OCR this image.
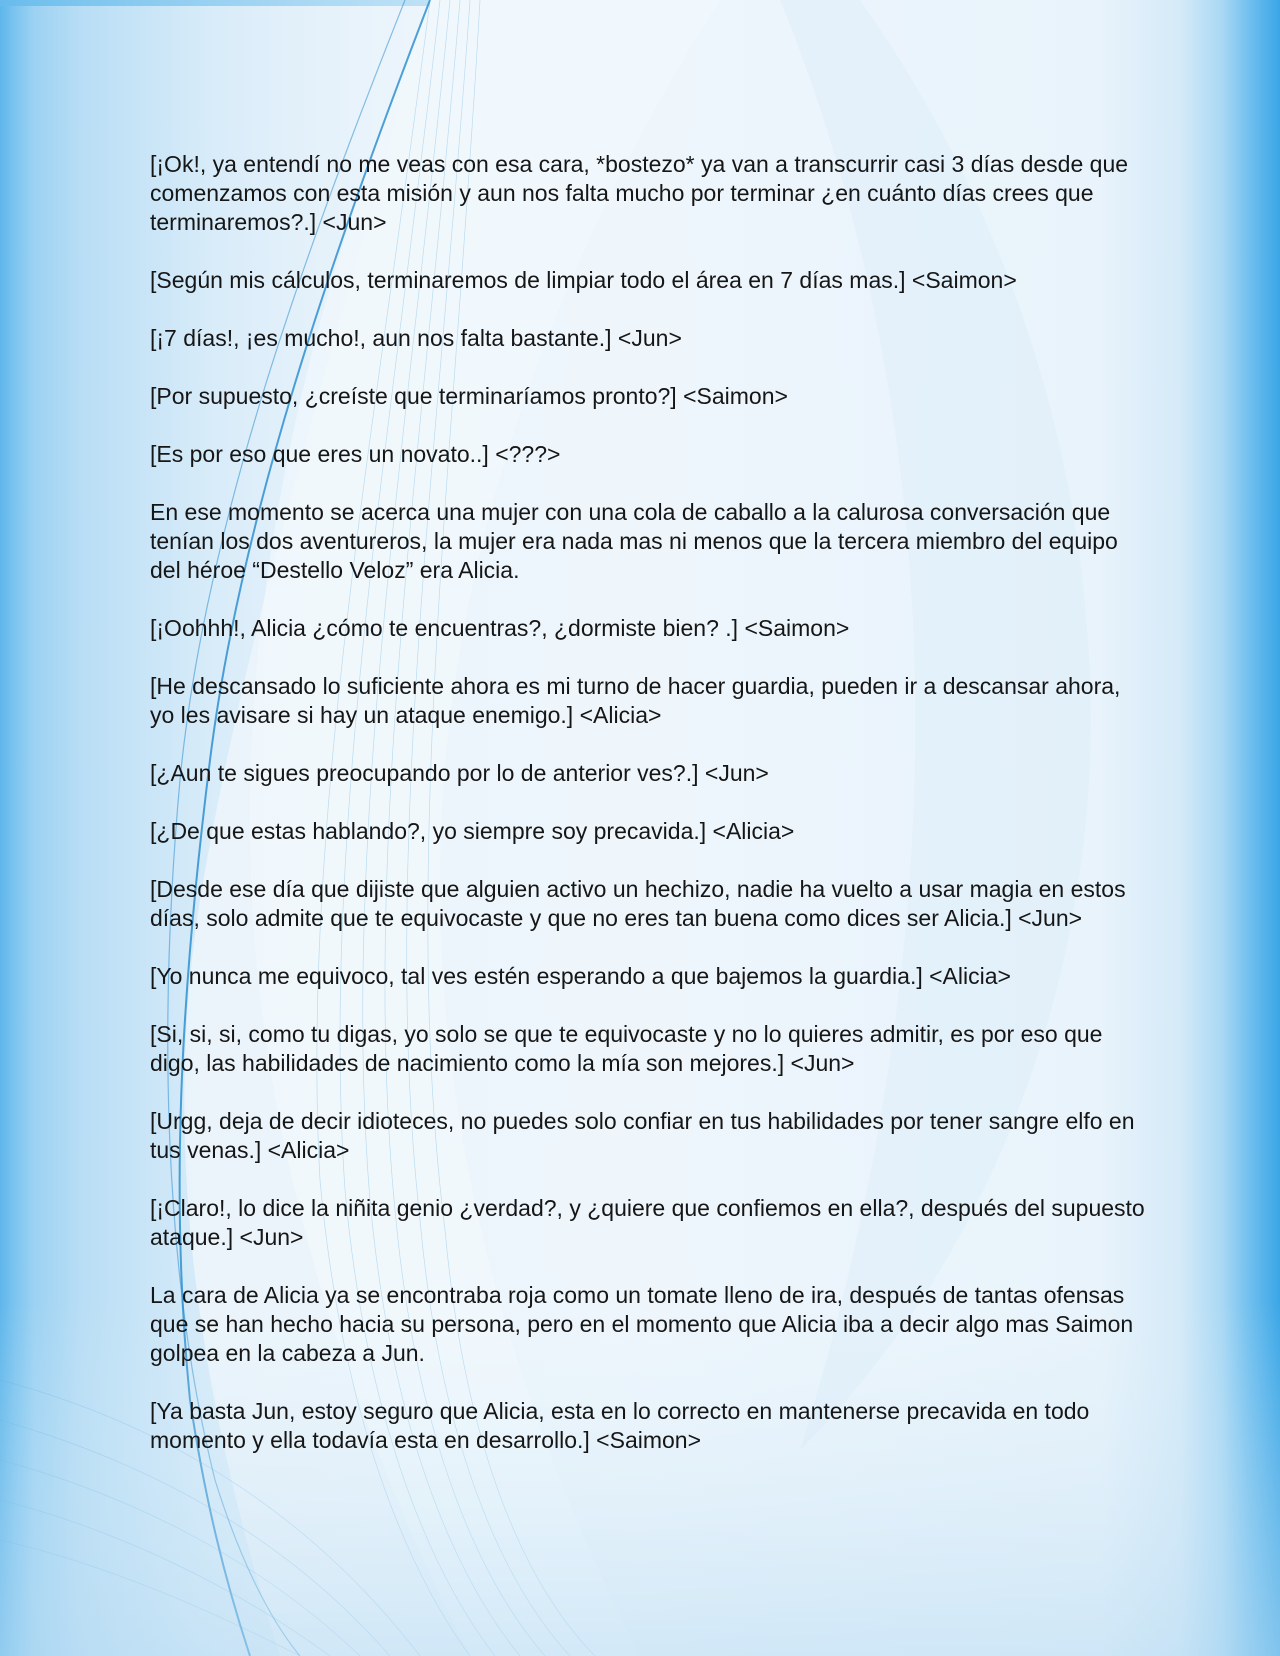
[¡Ok!, ya entendí no me veas con esa cara, *bostezo* ya van a transcurrir casi 3 días desde que comenzamos con esta misión y aun nos falta mucho por terminar ¿en cuánto días crees que terminaremos?.] <Jun>

[Según mis cálculos, terminaremos de limpiar todo el área en 7 días mas.] <Saimon>

[¡7 días!, ¡es mucho!, aun nos falta bastante.] <Jun>

[Por supuesto, ¿creíste que terminaríamos pronto?] <Saimon>

[Es por eso que eres un novato..] <???>

En ese momento se acerca una mujer con una cola de caballo a la calurosa conversación que tenían los dos aventureros, la mujer era nada mas ni menos que la tercera miembro del equipo del héroe “Destello Veloz” era Alicia.

[¡Oohhh!, Alicia ¿cómo te encuentras?, ¿dormiste bien? .] <Saimon>

[He descansado lo suficiente ahora es mi turno de hacer guardia, pueden ir a descansar ahora, yo les avisare si hay un ataque enemigo.] <Alicia>

[¿Aun te sigues preocupando por lo de anterior ves?.] <Jun>

[¿De que estas hablando?, yo siempre soy precavida.] <Alicia>

[Desde ese día que dijiste que alguien activo un hechizo, nadie ha vuelto a usar magia en estos días, solo admite que te equivocaste y que no eres tan buena como dices ser Alicia.] <Jun>

[Yo nunca me equivoco, tal ves estén esperando a que bajemos la guardia.] <Alicia>

[Si, si, si, como tu digas, yo solo se que te equivocaste y no lo quieres admitir, es por eso que digo, las habilidades de nacimiento como la mía son mejores.] <Jun>

[Urgg, deja de decir idioteces, no puedes solo confiar en tus habilidades por tener sangre elfo en tus venas.] <Alicia>

[¡Claro!, lo dice la niñita genio ¿verdad?, y ¿quiere que confiemos en ella?, después del supuesto ataque.] <Jun>

La cara de Alicia ya se encontraba roja como un tomate lleno de ira, después de tantas ofensas que se han hecho hacia su persona, pero en el momento que Alicia iba a decir algo mas Saimon golpea en la cabeza a Jun.

[Ya basta Jun, estoy seguro que Alicia, esta en lo correcto en mantenerse precavida en todo momento y ella todavía esta en desarrollo.] <Saimon>
